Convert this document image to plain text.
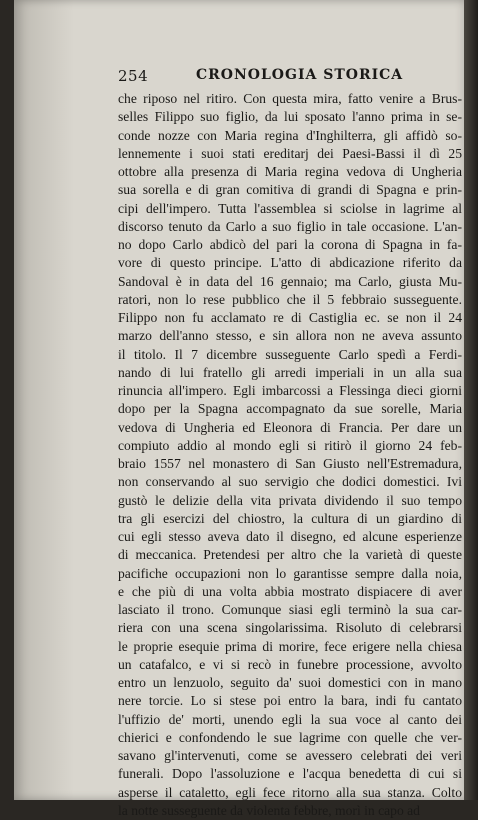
254	CRONOLOGIA STORICA
che riposo nel ritiro. Con questa mira, fatto venire a Brus-
selles Filippo suo figlio, da lui sposato l'anno prima in se-
conde nozze con Maria regina d'Inghilterra, gli affidò so-
lennemente i suoi stati ereditarj dei Paesi-Bassi il dì 25
ottobre alla presenza di Maria regina vedova di Ungheria
sua sorella e di gran comitiva di grandi di Spagna e prin-
cipi dell'impero. Tutta l'assemblea si sciolse in lagrime al
discorso tenuto da Carlo a suo figlio in tale occasione. L'an-
no dopo Carlo abdicò del pari la corona di Spagna in fa-
vore di questo principe. L'atto di abdicazione riferito da
Sandoval è in data del 16 gennaio; ma Carlo, giusta Mu-
ratori, non lo rese pubblico che il 5 febbraio susseguente.
Filippo non fu acclamato re di Castiglia ec. se non il 24
marzo dell'anno stesso, e sin allora non ne aveva assunto
il titolo. Il 7 dicembre susseguente Carlo spedì a Ferdi-
nando di lui fratello gli arredi imperiali in un alla sua
rinuncia all'impero. Egli imbarcossi a Flessinga dieci giorni
dopo per la Spagna accompagnato da sue sorelle, Maria
vedova di Ungheria ed Eleonora di Francia. Per dare un
compiuto addio al mondo egli si ritirò il giorno 24 feb-
braio 1557 nel monastero di San Giusto nell'Estremadura,
non conservando al suo servigio che dodici domestici. Ivi
gustò le delizie della vita privata dividendo il suo tempo
tra gli esercizi del chiostro, la cultura di un giardino di
cui egli stesso aveva dato il disegno, ed alcune esperienze
di meccanica. Pretendesi per altro che la varietà di queste
pacifiche occupazioni non lo garantisse sempre dalla noia,
e che più di una volta abbia mostrato dispiacere di aver
lasciato il trono. Comunque siasi egli terminò la sua car-
riera con una scena singolarissima. Risoluto di celebrarsi
le proprie esequie prima di morire, fece erigere nella chiesa
un catafalco, e vi si recò in funebre processione, avvolto
entro un lenzuolo, seguito da' suoi domestici con in mano
nere torcie. Lo si stese poi entro la bara, indi fu cantato
l'uffizio de' morti, unendo egli la sua voce al canto dei
chierici e confondendo le sue lagrime con quelle che ver-
savano gl'intervenuti, come se avessero celebrati dei veri
funerali. Dopo l'assoluzione e l'acqua benedetta di cui si
asperse il cataletto, egli fece ritorno alla sua stanza. Colto
la notte susseguente da violenta febbre, morì in capo ad
